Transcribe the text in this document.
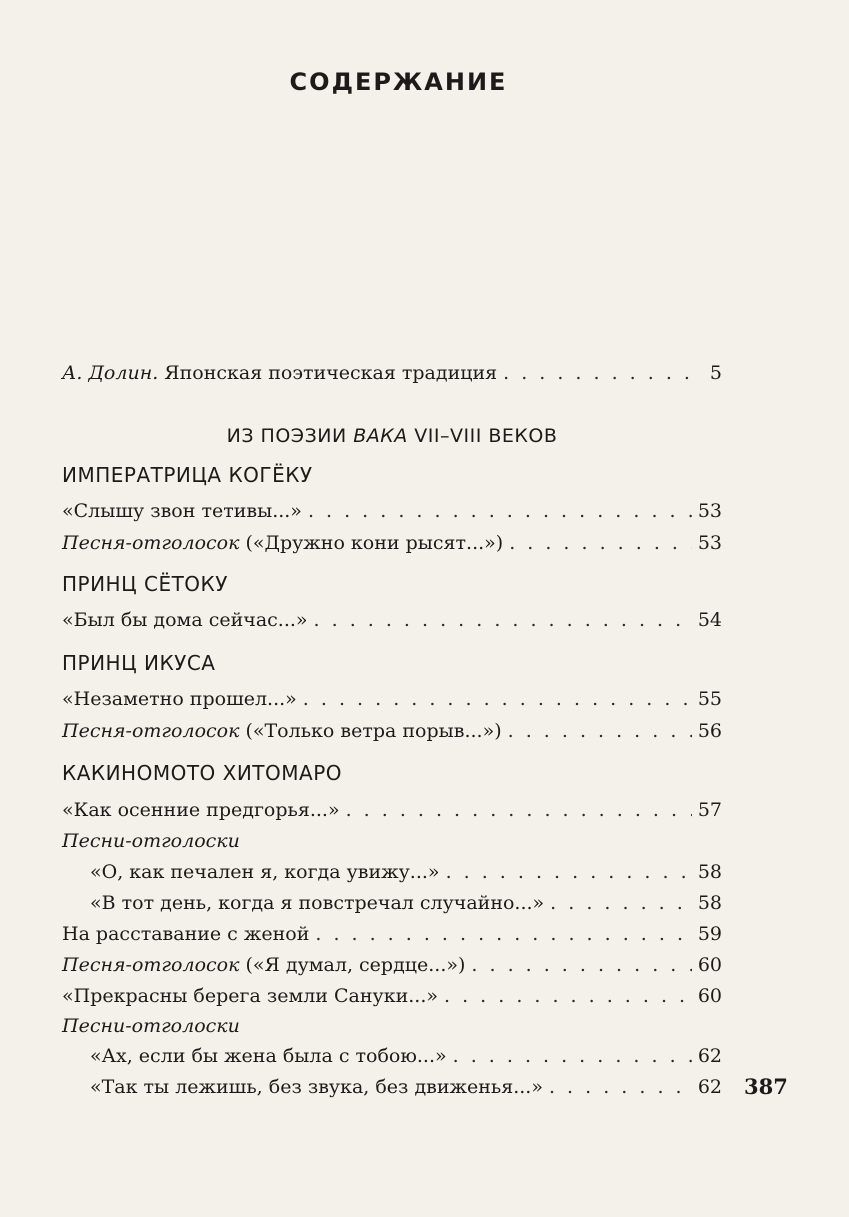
СОДЕРЖАНИЕ
А. Долин. Японская поэтическая традиция . . .	5
ИЗ ПОЭЗИИ ВАКА VII–VIII ВЕКОВ
ИМПЕРАТРИЦА КОГЁКУ
«Слышу звон тетивы...» . . .	53
Песня-отголосок («Дружно кони рысят...») . . .	53
ПРИНЦ СЁТОКУ
«Был бы дома сейчас...» . . .	54
ПРИНЦ ИКУСА
«Незаметно прошел...» . . .	55
Песня-отголосок («Только ветра порыв...») . . .	56
КАКИНОМОТО ХИТОМАРО
«Как осенние предгорья...» . . .	57
Песни-отголоски
«О, как печален я, когда увижу...» . . .	58
«В тот день, когда я повстречал случайно...» . . .	58
На расставание с женой . . .	59
Песня-отголосок («Я думал, сердце...») . . .	60
«Прекрасны берега земли Сануки...» . . .	60
Песни-отголоски
«Ах, если бы жена была с тобою...» . . .	62
«Так ты лежишь, без звука, без движенья...» . . .	62 387
